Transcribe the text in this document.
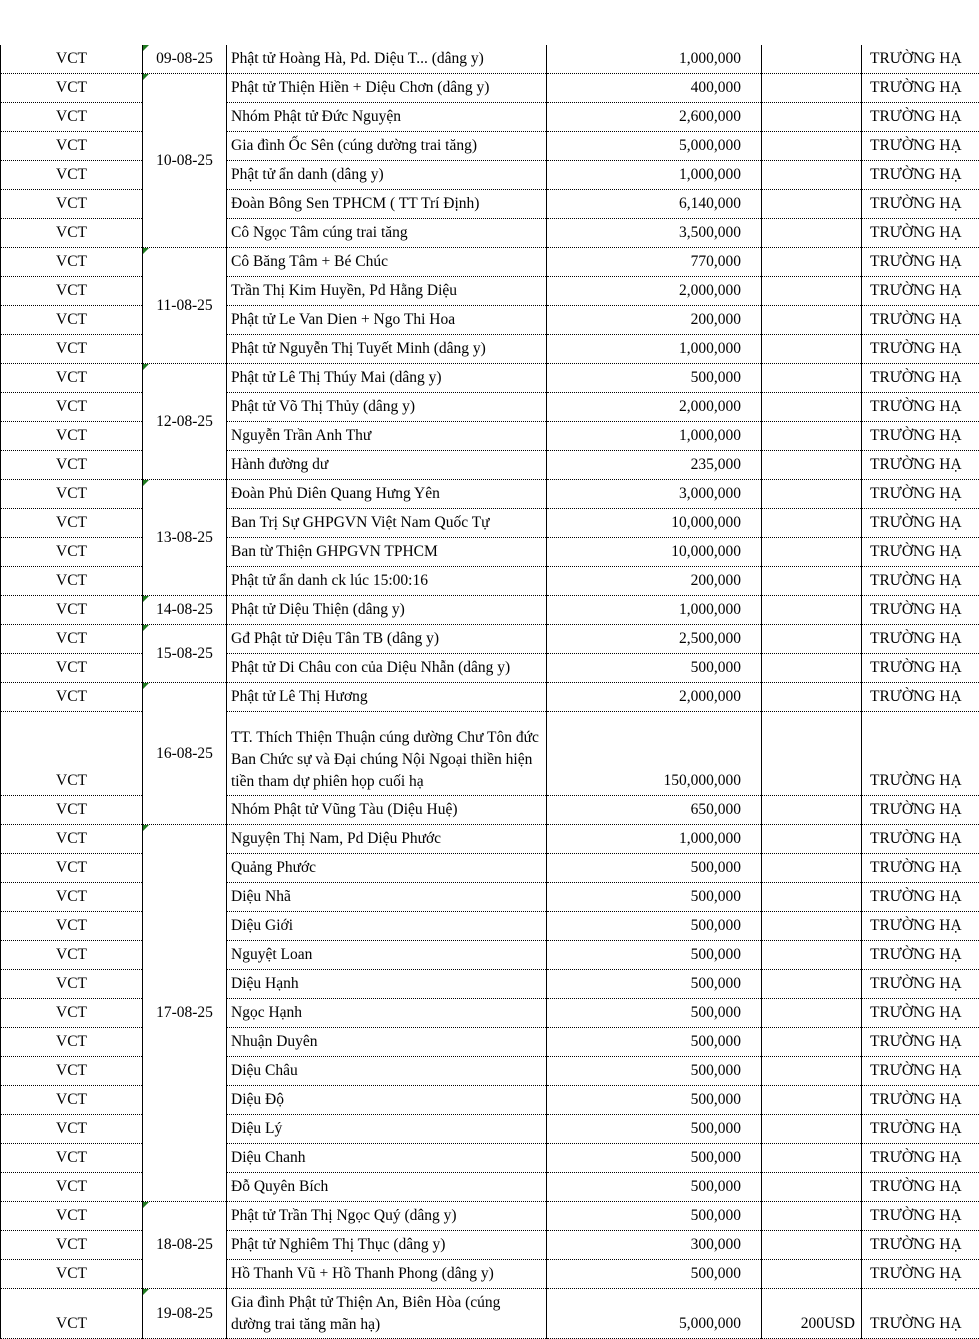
VCT	09-08-25	Phật tử Hoàng Hà, Pd. Diệu T... (dâng y)	1,000,000		TRƯỜNG HẠ
VCT	10-08-25	Phật tử Thiện Hiền + Diệu Chơn (dâng y)	400,000		TRƯỜNG HẠ
VCT		Nhóm Phật tử Đức Nguyện	2,600,000		TRƯỜNG HẠ
VCT		Gia đình Ốc Sên (cúng dường trai tăng)	5,000,000		TRƯỜNG HẠ
VCT		Phật tử ẩn danh (dâng y)	1,000,000		TRƯỜNG HẠ
VCT		Đoàn Bông Sen TPHCM ( TT Trí Định)	6,140,000		TRƯỜNG HẠ
VCT		Cô Ngọc Tâm cúng trai tăng	3,500,000		TRƯỜNG HẠ
VCT	11-08-25	Cô Băng Tâm + Bé Chúc	770,000		TRƯỜNG HẠ
VCT		Trần Thị Kim Huyền, Pd Hằng Diệu	2,000,000		TRƯỜNG HẠ
VCT		Phật tử Le Van Dien + Ngo Thi Hoa	200,000		TRƯỜNG HẠ
VCT		Phật tử Nguyễn Thị Tuyết Minh (dâng y)	1,000,000		TRƯỜNG HẠ
VCT	12-08-25	Phật tử Lê Thị Thúy Mai (dâng y)	500,000		TRƯỜNG HẠ
VCT		Phật tử Võ Thị Thủy (dâng y)	2,000,000		TRƯỜNG HẠ
VCT		Nguyễn Trần Anh Thư	1,000,000		TRƯỜNG HẠ
VCT		Hành đường dư	235,000		TRƯỜNG HẠ
VCT	13-08-25	Đoàn Phủ Diên Quang Hưng Yên	3,000,000		TRƯỜNG HẠ
VCT		Ban Trị Sự GHPGVN Việt Nam Quốc Tự	10,000,000		TRƯỜNG HẠ
VCT		Ban từ Thiện GHPGVN TPHCM	10,000,000		TRƯỜNG HẠ
VCT		Phật tử ẩn danh ck lúc 15:00:16	200,000		TRƯỜNG HẠ
VCT	14-08-25	Phật tử Diệu Thiện (dâng y)	1,000,000		TRƯỜNG HẠ
VCT	15-08-25	Gđ Phật tử Diệu Tân TB (dâng y)	2,500,000		TRƯỜNG HẠ
VCT		Phật tử Di Châu con của Diệu Nhẫn (dâng y)	500,000		TRƯỜNG HẠ
VCT	16-08-25	Phật tử Lê Thị Hương	2,000,000		TRƯỜNG HẠ
VCT		TT. Thích Thiện Thuận cúng dường Chư Tôn đức Ban Chức sự và Đại chúng Nội Ngoại thiền hiện tiền tham dự phiên họp cuối hạ	150,000,000		TRƯỜNG HẠ
VCT		Nhóm Phật tử Vũng Tàu (Diệu Huệ)	650,000		TRƯỜNG HẠ
VCT	17-08-25	Nguyện Thị Nam, Pd Diệu Phước	1,000,000		TRƯỜNG HẠ
VCT		Quảng Phước	500,000		TRƯỜNG HẠ
VCT		Diệu Nhã	500,000		TRƯỜNG HẠ
VCT		Diệu Giới	500,000		TRƯỜNG HẠ
VCT		Nguyệt Loan	500,000		TRƯỜNG HẠ
VCT		Diệu Hạnh	500,000		TRƯỜNG HẠ
VCT		Ngọc Hạnh	500,000		TRƯỜNG HẠ
VCT		Nhuận Duyên	500,000		TRƯỜNG HẠ
VCT		Diệu Châu	500,000		TRƯỜNG HẠ
VCT		Diệu Độ	500,000		TRƯỜNG HẠ
VCT		Diệu Lý	500,000		TRƯỜNG HẠ
VCT		Diệu Chanh	500,000		TRƯỜNG HẠ
VCT		Đỗ Quyên Bích	500,000		TRƯỜNG HẠ
VCT	18-08-25	Phật tử Trần Thị Ngọc Quý (dâng y)	500,000		TRƯỜNG HẠ
VCT		Phật tử Nghiêm Thị Thục (dâng y)	300,000		TRƯỜNG HẠ
VCT		Hồ Thanh Vũ + Hồ Thanh Phong (dâng y)	500,000		TRƯỜNG HẠ
VCT	19-08-25	Gia đình Phật tử Thiện An, Biên Hòa (cúng dường trai tăng mãn hạ)	5,000,000	200USD	TRƯỜNG HẠ
